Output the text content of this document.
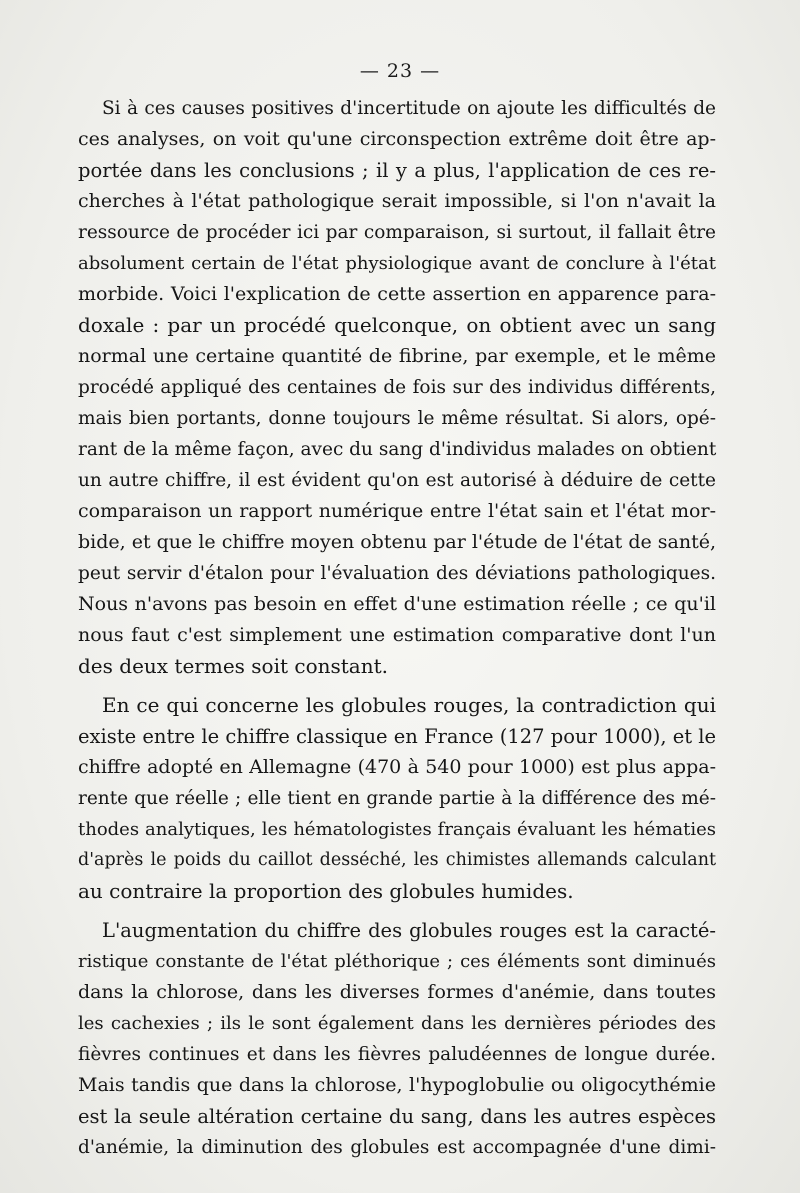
— 23 —
Si à ces causes positives d'incertitude on ajoute les difficultés de
ces analyses, on voit qu'une circonspection extrême doit être ap-
portée dans les conclusions ; il y a plus, l'application de ces re-
cherches à l'état pathologique serait impossible, si l'on n'avait la
ressource de procéder ici par comparaison, si surtout, il fallait être
absolument certain de l'état physiologique avant de conclure à l'état
morbide. Voici l'explication de cette assertion en apparence para-
doxale : par un procédé quelconque, on obtient avec un sang
normal une certaine quantité de fibrine, par exemple, et le même
procédé appliqué des centaines de fois sur des individus différents,
mais bien portants, donne toujours le même résultat. Si alors, opé-
rant de la même façon, avec du sang d'individus malades on obtient
un autre chiffre, il est évident qu'on est autorisé à déduire de cette
comparaison un rapport numérique entre l'état sain et l'état mor-
bide, et que le chiffre moyen obtenu par l'étude de l'état de santé,
peut servir d'étalon pour l'évaluation des déviations pathologiques.
Nous n'avons pas besoin en effet d'une estimation réelle ; ce qu'il
nous faut c'est simplement une estimation comparative dont l'un
des deux termes soit constant.
En ce qui concerne les globules rouges, la contradiction qui
existe entre le chiffre classique en France (127 pour 1000), et le
chiffre adopté en Allemagne (470 à 540 pour 1000) est plus appa-
rente que réelle ; elle tient en grande partie à la différence des mé-
thodes analytiques, les hématologistes français évaluant les hématies
d'après le poids du caillot desséché, les chimistes allemands calculant
au contraire la proportion des globules humides.
L'augmentation du chiffre des globules rouges est la caracté-
ristique constante de l'état pléthorique ; ces éléments sont diminués
dans la chlorose, dans les diverses formes d'anémie, dans toutes
les cachexies ; ils le sont également dans les dernières périodes des
fièvres continues et dans les fièvres paludéennes de longue durée.
Mais tandis que dans la chlorose, l'hypoglobulie ou oligocythémie
est la seule altération certaine du sang, dans les autres espèces
d'anémie, la diminution des globules est accompagnée d'une dimi-
